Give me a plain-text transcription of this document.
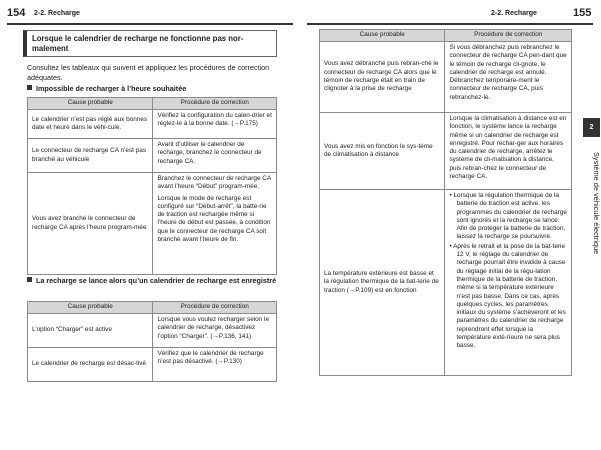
154 2-2. Recharge
Lorsque le calendrier de recharge ne fonctionne pas nor-malement
Consultez les tableaux qui suivent et appliquez les procédures de correction adéquates.
Impossible de recharger à l’heure souhaitée
Cause probable	Procédure de correction
Le calendrier n’est pas réglé aux bonnes date et heure dans le véhi-cule.	Vérifiez la configuration du calen-drier et réglez-le à la bonne date. (→P.175)

Le connecteur de recharge CA n’est pas branché au véhicule	Avant d’utiliser le calendrier de recharge, branchez le connecteur de recharge CA.

Vous avez branché le connecteur de recharge CA après l’heure program-mée	Branchez le connecteur de recharge CA avant l’heure “Début” program-mée.
Lorsque le mode de recharge est configuré sur “Début-arrêt”, la batte-rie de traction est rechargée même si l’heure de début est passée, à condition que le connecteur de recharge CA soit branché avant l’heure de fin.
La recharge se lance alors qu’un calendrier de recharge est enregistré
Cause probable	Procédure de correction
L’option “Charger” est active	Lorsque vous voulez recharger selon le calendrier de recharge, désactivez l’option “Charger”. (→P.136, 141)

Le calendrier de recharge est désac-tivé	Vérifiez que le calendrier de recharge n’est pas désactivé. (→P.130)
2-2. Recharge	155
Cause probable	Procédure de correction
Vous avez débranché puis rebran-ché le connecteur de recharge CA alors que le témoin de recharge était en train de clignoter à la prise de recharge	Si vous débranchez puis rebranchez le connecteur de recharge CA pen-dant que le témoin de recharge cli-gnote, le calendrier de recharge est annulé. Débranchez temporaire-ment le connecteur de recharge CA, puis rebranchez-le.

Vous avez mis en fonction le sys-tème de climatisation à distance	Lorsque la climatisation à distance est en fonction, le système lance la recharge même si un calendrier de recharge est enregistré. Pour rechar-ger aux horaires du calendrier de recharge, arrêtez le système de cli-matisation à distance, puis rebran-chez le connecteur de recharge CA.

La température extérieure est basse et la régulation thermique de la bat-terie de traction (→P.109) est en fonction	• Lorsque la régulation thermique de la batterie de traction est active, les programmes du calendrier de recharge sont ignorés et la recharge se lance. Afin de protéger la batterie de traction, laissez la recharge se poursuivre.
• Après le retrait et la pose de la bat-terie 12 V, le réglage du calendrier de recharge pourrait être invalide à cause du réglage initial de la régu-lation thermique de la batterie de traction, même si la température extérieure n’est pas basse. Dans ce cas, après quelques cycles, les paramètres initiaux du système s’achèveront et les paramètres du calendrier de recharge reprendront effet lorsque la température exté-rieure ne sera plus basse.
2
Système de véhicule électrique
